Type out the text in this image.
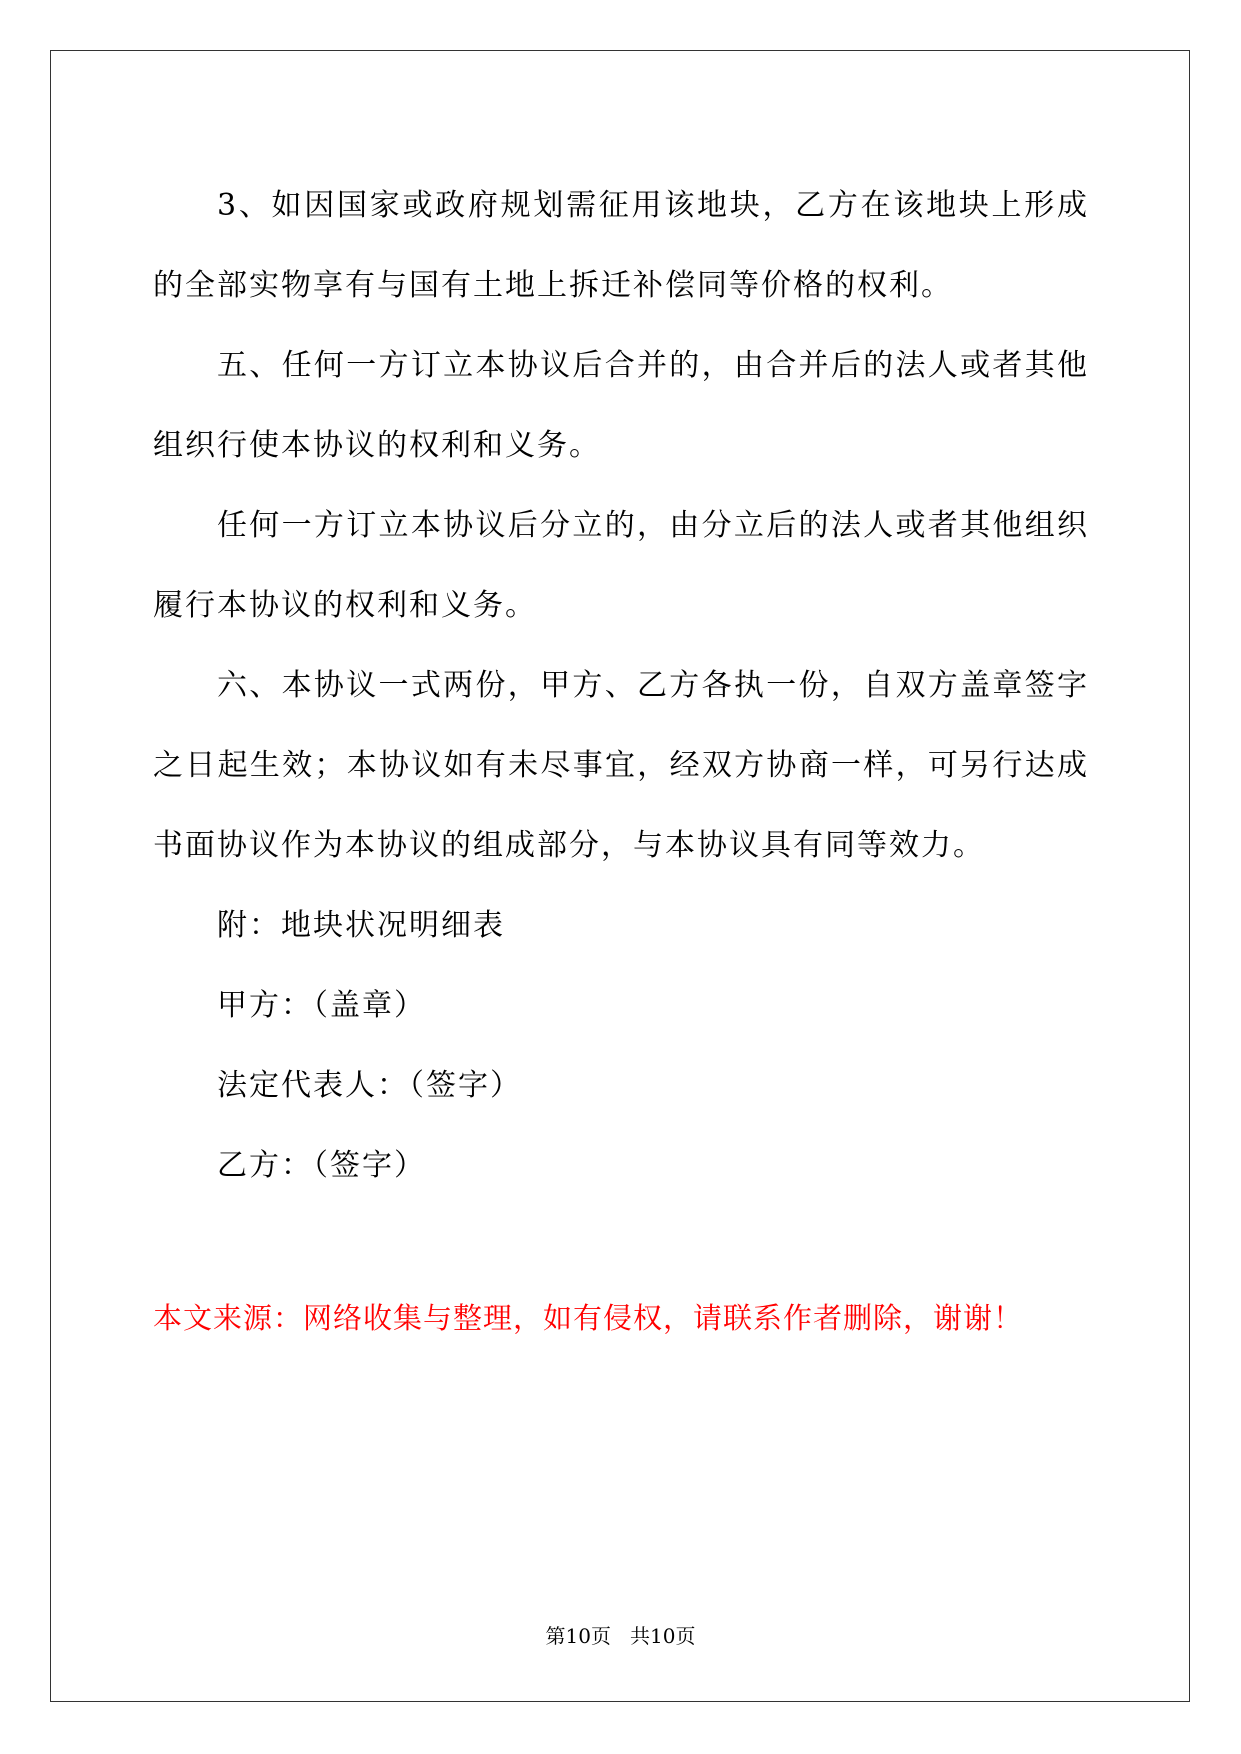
3、如因国家或政府规划需征用该地块，乙方在该地块上形成的全部实物享有与国有土地上拆迁补偿同等价格的权利。

五、任何一方订立本协议后合并的，由合并后的法人或者其他组织行使本协议的权利和义务。

任何一方订立本协议后分立的，由分立后的法人或者其他组织履行本协议的权利和义务。

六、本协议一式两份，甲方、乙方各执一份，自双方盖章签字之日起生效；本协议如有未尽事宜，经双方协商一样，可另行达成书面协议作为本协议的组成部分，与本协议具有同等效力。

附：地块状况明细表

甲方：（盖章）

法定代表人：（签字）

乙方：（签字）

本文来源：网络收集与整理，如有侵权，请联系作者删除，谢谢！
第10页 共10页
